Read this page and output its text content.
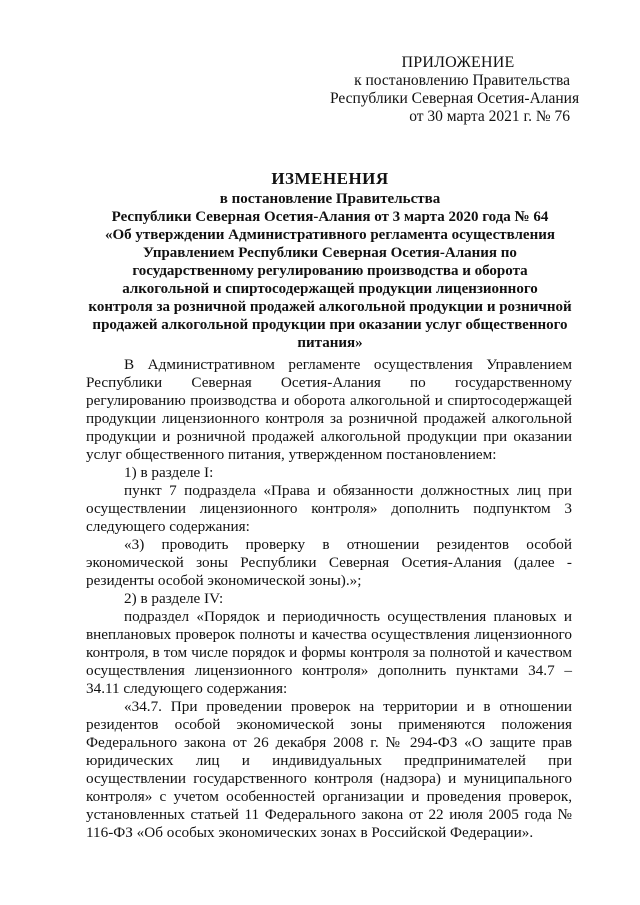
ПРИЛОЖЕНИЕ
к постановлению Правительства
Республики Северная Осетия-Алания
от 30 марта 2021 г. № 76
ИЗМЕНЕНИЯ
в постановление Правительства
Республики Северная Осетия-Алания от 3 марта 2020 года № 64
«Об утверждении Административного регламента осуществления
Управлением Республики Северная Осетия-Алания по
государственному регулированию производства и оборота
алкогольной и спиртосодержащей продукции лицензионного
контроля за розничной продажей алкогольной продукции и розничной
продажей алкогольной продукции при оказании услуг общественного
питания»

В Административном регламенте осуществления Управлением Республики Северная Осетия-Алания по государственному регулированию производства и оборота алкогольной и спиртосодержащей продукции лицензионного контроля за розничной продажей алкогольной продукции и розничной продажей алкогольной продукции при оказании услуг общественного питания, утвержденном постановлением:

1) в разделе I:

пункт 7 подраздела «Права и обязанности должностных лиц при осуществлении лицензионного контроля» дополнить подпунктом 3 следующего содержания:

«3) проводить проверку в отношении резидентов особой экономической зоны Республики Северная Осетия-Алания (далее - резиденты особой экономической зоны).»;

2) в разделе IV:

подраздел «Порядок и периодичность осуществления плановых и внеплановых проверок полноты и качества осуществления лицензионного контроля, в том числе порядок и формы контроля за полнотой и качеством осуществления лицензионного контроля» дополнить пунктами 34.7 – 34.11 следующего содержания:

«34.7. При проведении проверок на территории и в отношении резидентов особой экономической зоны применяются положения Федерального закона от 26 декабря 2008 г. № 294-ФЗ «О защите прав юридических лиц и индивидуальных предпринимателей при осуществлении государственного контроля (надзора) и муниципального контроля» с учетом особенностей организации и проведения проверок, установленных статьей 11 Федерального закона от 22 июля 2005 года № 116-ФЗ «Об особых экономических зонах в Российской Федерации».
